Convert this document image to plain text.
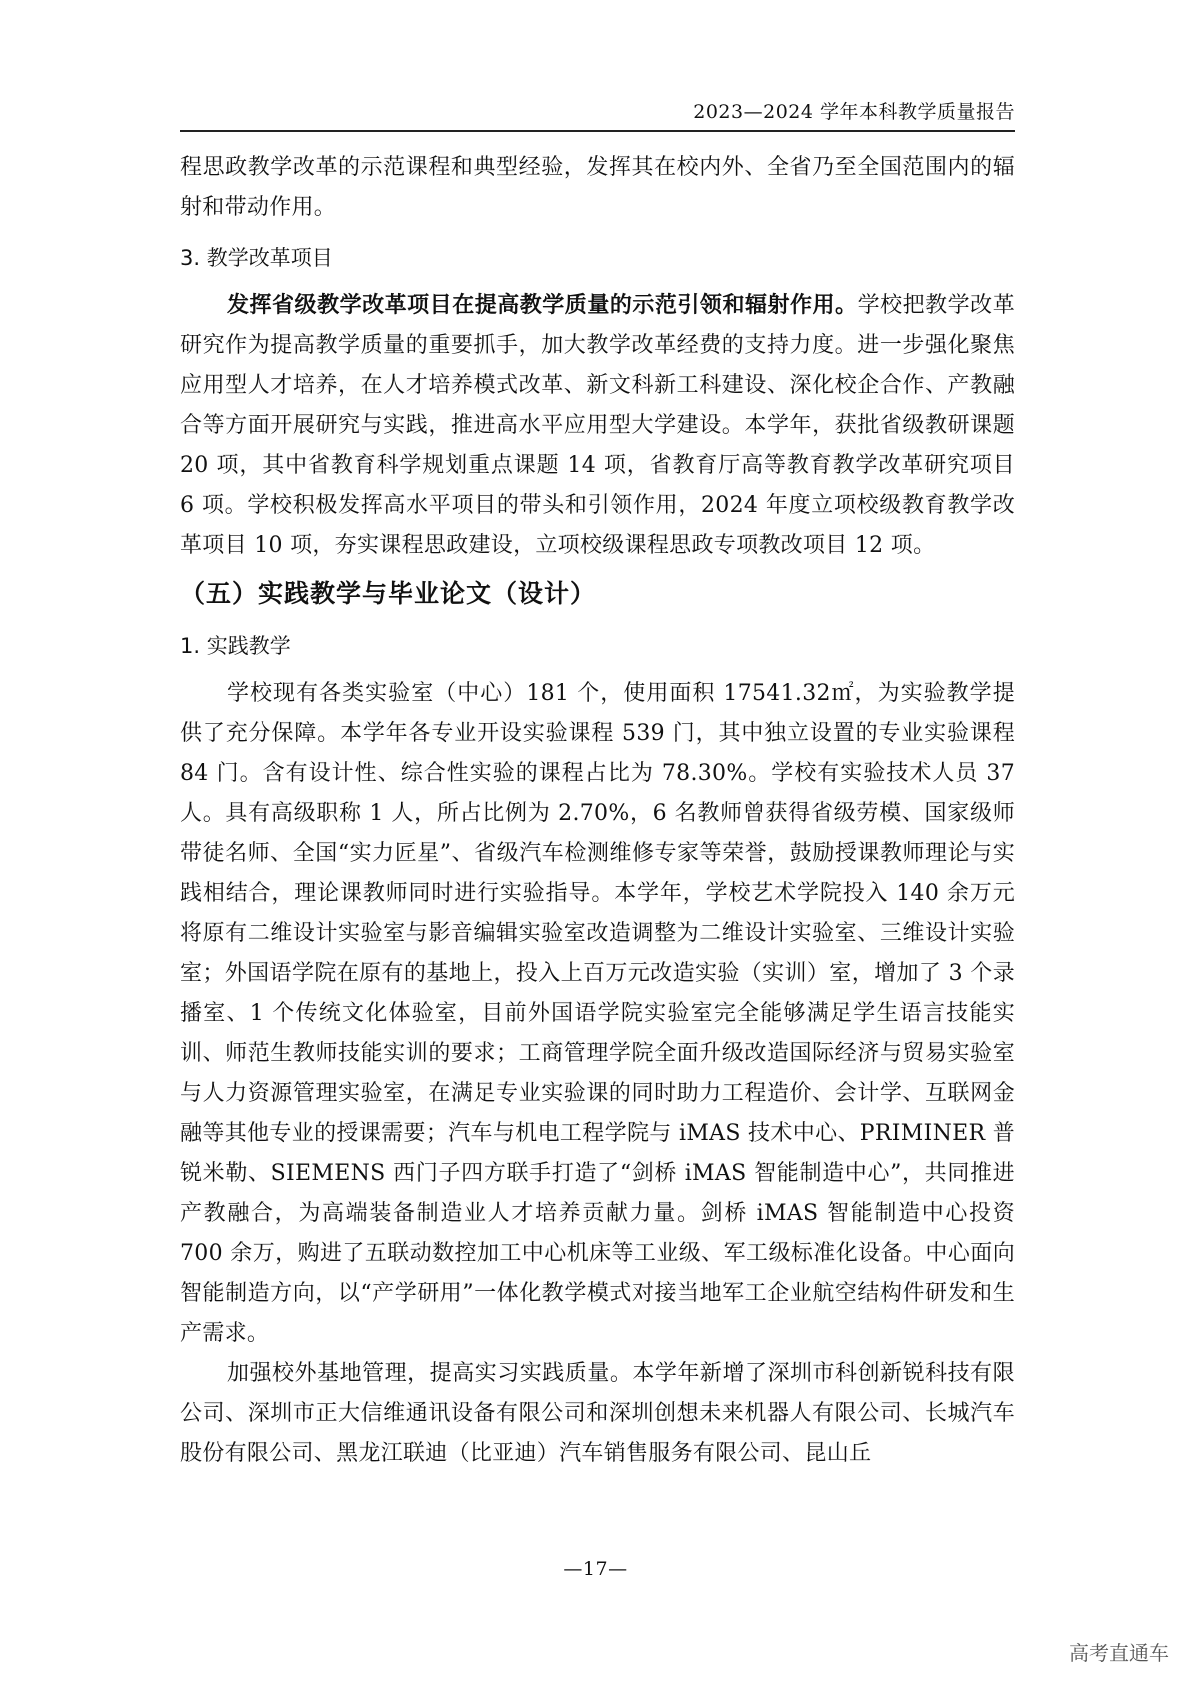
2023—2024 学年本科教学质量报告

程思政教学改革的示范课程和典型经验，发挥其在校内外、全省乃至全国范围内的辐射和带动作用。

3. 教学改革项目

发挥省级教学改革项目在提高教学质量的示范引领和辐射作用。学校把教学改革研究作为提高教学质量的重要抓手，加大教学改革经费的支持力度。进一步强化聚焦应用型人才培养，在人才培养模式改革、新文科新工科建设、深化校企合作、产教融合等方面开展研究与实践，推进高水平应用型大学建设。本学年，获批省级教研课题 20 项，其中省教育科学规划重点课题 14 项，省教育厅高等教育教学改革研究项目 6 项。学校积极发挥高水平项目的带头和引领作用，2024 年度立项校级教育教学改革项目 10 项，夯实课程思政建设，立项校级课程思政专项教改项目 12 项。

（五）实践教学与毕业论文（设计）
1. 实践教学

学校现有各类实验室（中心）181 个，使用面积 17541.32㎡，为实验教学提供了充分保障。本学年各专业开设实验课程 539 门，其中独立设置的专业实验课程 84 门。含有设计性、综合性实验的课程占比为 78.30%。学校有实验技术人员 37 人。具有高级职称 1 人，所占比例为 2.70%，6 名教师曾获得省级劳模、国家级师带徒名师、全国“实力匠星”、省级汽车检测维修专家等荣誉，鼓励授课教师理论与实践相结合，理论课教师同时进行实验指导。本学年，学校艺术学院投入 140 余万元将原有二维设计实验室与影音编辑实验室改造调整为二维设计实验室、三维设计实验室；外国语学院在原有的基地上，投入上百万元改造实验（实训）室，增加了 3 个录播室、1 个传统文化体验室，目前外国语学院实验室完全能够满足学生语言技能实训、师范生教师技能实训的要求；工商管理学院全面升级改造国际经济与贸易实验室与人力资源管理实验室，在满足专业实验课的同时助力工程造价、会计学、互联网金融等其他专业的授课需要；汽车与机电工程学院与 iMAS 技术中心、PRIMINER 普锐米勒、SIEMENS 西门子四方联手打造了“剑桥 iMAS 智能制造中心”，共同推进产教融合，为高端装备制造业人才培养贡献力量。剑桥 iMAS 智能制造中心投资 700 余万，购进了五联动数控加工中心机床等工业级、军工级标准化设备。中心面向智能制造方向，以“产学研用”一体化教学模式对接当地军工企业航空结构件研发和生产需求。

加强校外基地管理，提高实习实践质量。本学年新增了深圳市科创新锐科技有限公司、深圳市正大信维通讯设备有限公司和深圳创想未来机器人有限公司、长城汽车股份有限公司、黑龙江联迪（比亚迪）汽车销售服务有限公司、昆山丘

—17—
高考直通车
